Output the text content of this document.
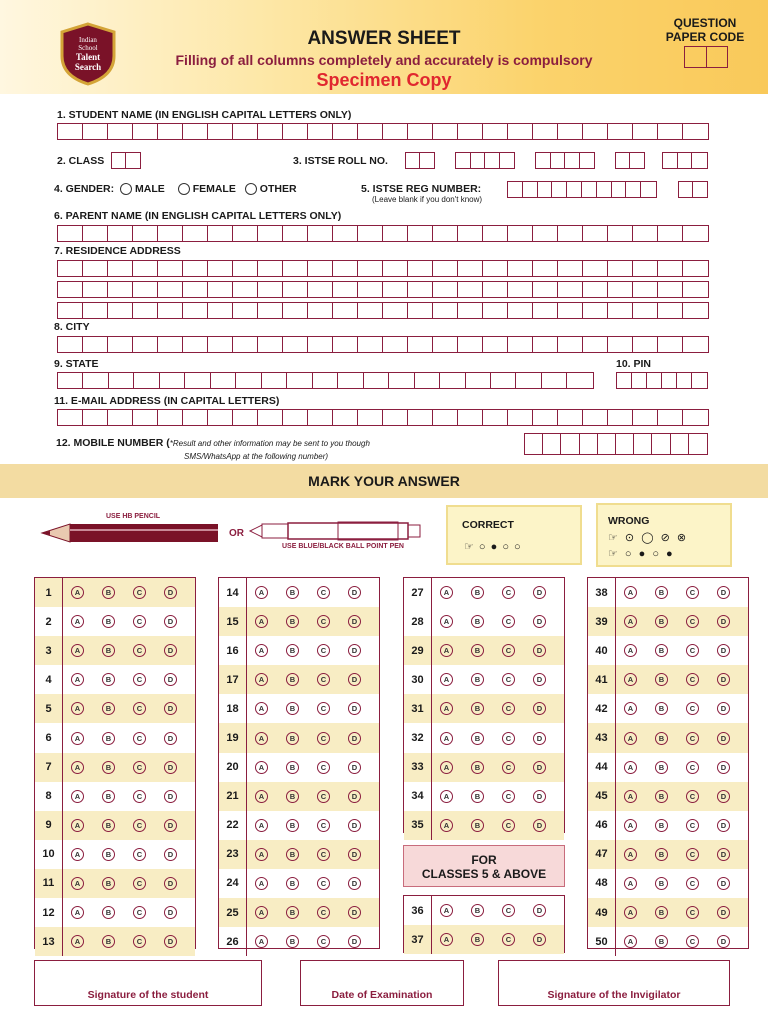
Indian
School
Talent
Search
ANSWER SHEET
Filling of all columns completely and accurately is compulsory
Specimen Copy
QUESTION
PAPER CODE
1. STUDENT NAME (IN ENGLISH CAPITAL LETTERS ONLY)
2. CLASS	3. ISTSE ROLL NO.
4. GENDER: MALE	FEMALE OTHER	5. ISTSE REG NUMBER:
(Leave blank if you don't know)
6. PARENT NAME (IN ENGLISH CAPITAL LETTERS ONLY)
7. RESIDENCE ADDRESS
8. CITY
9. STATE	10. PIN
11. E-MAIL ADDRESS (IN CAPITAL LETTERS)
12. MOBILE NUMBER (*Result and other information may be sent to you though
SMS/WhatsApp at the following number)
MARK YOUR ANSWER
USE HB PENCIL
OR
USE BLUE/BLACK BALL POINT PEN
CORRECT
☞ ○ ● ○ ○
WRONG
☞ ⊙ ◯ ⊘ ⊗
☞ ○ ● ○ ●
1	A	B	C	D
2	A	B	C	D
3	A	B	C	D
4	A	B	C	D
5	A	B	C	D
6	A	B	C	D
7	A	B	C	D
8	A	B	C	D
9	A	B	C	D
10	A	B	C	D
11	A	B	C	D
12	A	B	C	D
13	A	B	C	D
14	A	B	C	D
15	A	B	C	D
16	A	B	C	D
17	A	B	C	D
18	A	B	C	D
19	A	B	C	D
20	A	B	C	D
21	A	B	C	D
22	A	B	C	D
23	A	B	C	D
24	A	B	C	D
25	A	B	C	D
26	A	B	C	D
27	A	B	C	D
28	A	B	C	D
29	A	B	C	D
30	A	B	C	D
31	A	B	C	D
32	A	B	C	D
33	A	B	C	D
34	A	B	C	D
35	A	B	C	D
FOR
CLASSES 5 & ABOVE
36	A	B	C	D
37	A	B	C	D
38	A	B	C	D
39	A	B	C	D
40	A	B	C	D
41	A	B	C	D
42	A	B	C	D
43	A	B	C	D
44	A	B	C	D
45	A	B	C	D
46	A	B	C	D
47	A	B	C	D
48	A	B	C	D
49	A	B	C	D
50	A	B	C	D
Signature of the student	Date of Examination	Signature of the Invigilator
